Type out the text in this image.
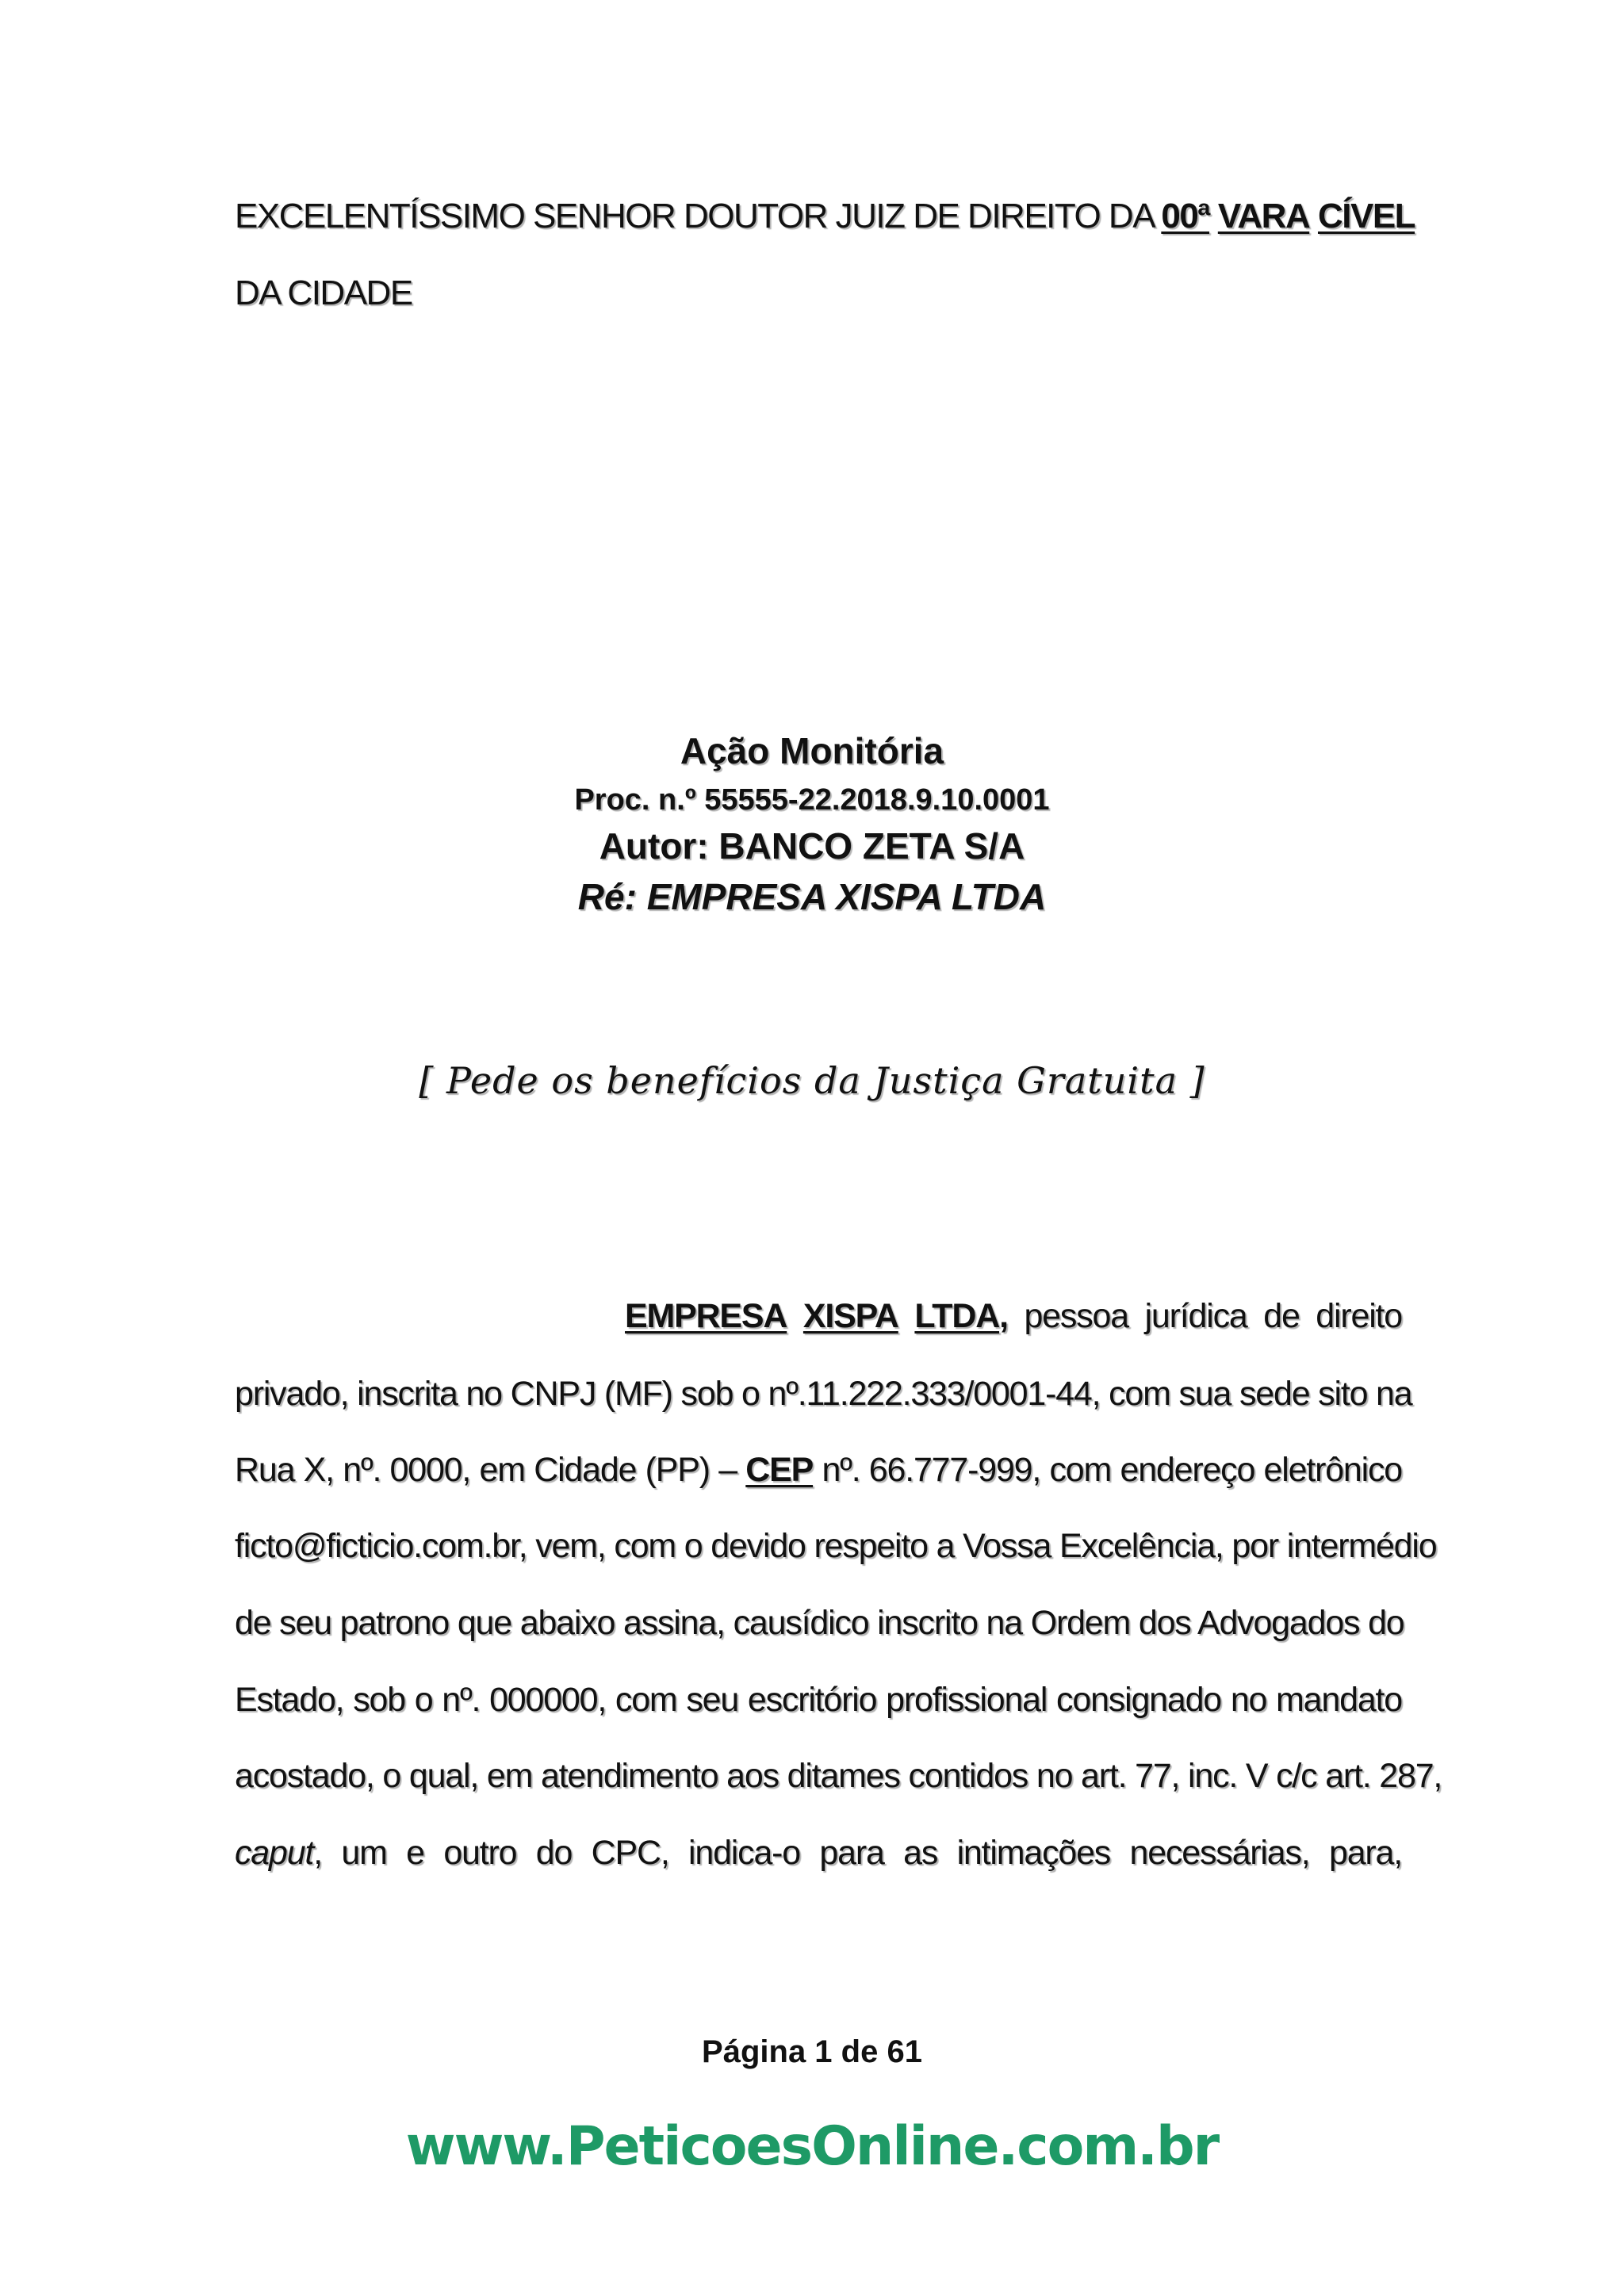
EXCELENTÍSSIMO SENHOR DOUTOR JUIZ DE DIREITO DA 00ª VARA CÍVEL
DA CIDADE
Ação Monitória
Proc. n.º 55555-22.2018.9.10.0001
Autor: BANCO ZETA S/A
Ré: EMPRESA XISPA LTDA
[ Pede os benefícios da Justiça Gratuita ]
EMPRESA XISPA LTDA, pessoa jurídica de direito
privado, inscrita no CNPJ (MF) sob o nº.11.222.333/0001-44, com sua sede sito na
Rua X, nº. 0000, em Cidade (PP) – CEP nº. 66.777-999, com endereço eletrônico
ficto@ficticio.com.br, vem, com o devido respeito a Vossa Excelência, por intermédio
de seu patrono que abaixo assina, causídico inscrito na Ordem dos Advogados do
Estado, sob o nº. 000000, com seu escritório profissional consignado no mandato
acostado, o qual, em atendimento aos ditames contidos no art. 77, inc. V c/c art. 287,
caput, um e outro do CPC, indica-o para as intimações necessárias, para,
Página 1 de 61
www.PeticoesOnline.com.br
